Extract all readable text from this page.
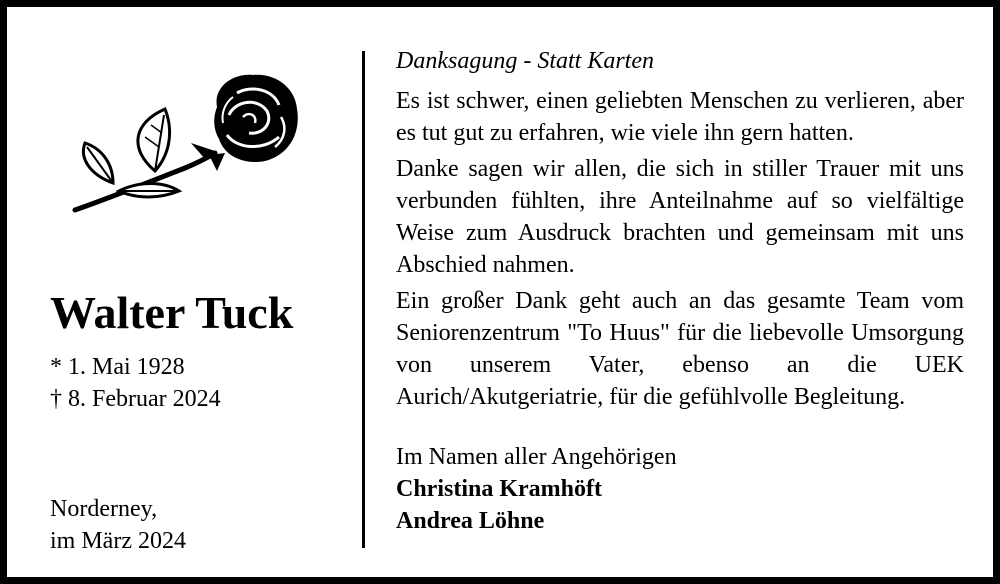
Walter Tuck
* 1. Mai 1928
† 8. Februar 2024
Norderney,
im März 2024
Danksagung - Statt Karten

Es ist schwer, einen geliebten Menschen zu verlieren, aber es tut gut zu erfahren, wie viele ihn gern hatten.

Danke sagen wir allen, die sich in stiller Trauer mit uns verbunden fühlten, ihre Anteilnahme auf so vielfältige Weise zum Ausdruck brachten und gemeinsam mit uns Abschied nahmen.

Ein großer Dank geht auch an das gesamte Team vom Seniorenzentrum "To Huus" für die liebevolle Umsorgung von unserem Vater, ebenso an die UEK Aurich/Akutgeriatrie, für die gefühlvolle Begleitung.

Im Namen aller Angehörigen
Christina Kramhöft
Andrea Löhne
